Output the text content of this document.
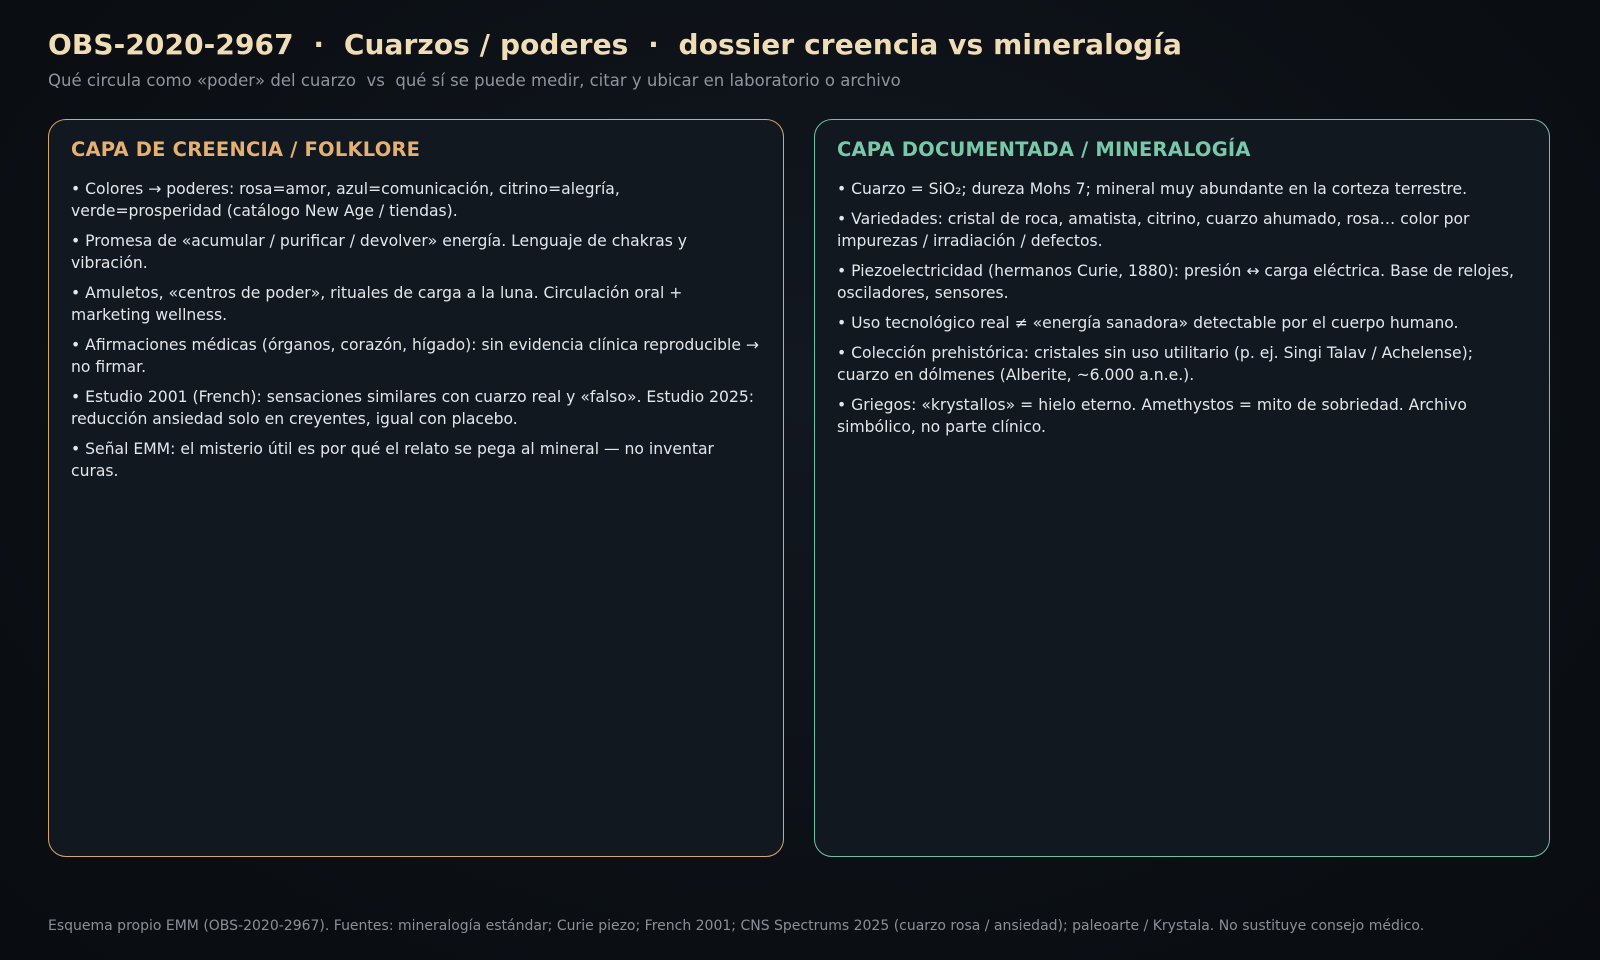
OBS-2020-2967  ·  Cuarzos / poderes  ·  dossier creencia vs mineralogía

Qué circula como «poder» del cuarzo  vs  qué sí se puede medir, citar y ubicar en laboratorio o archivo

CAPA DE CREENCIA / FOLKLORE
• Colores → poderes: rosa=amor, azul=comunicación, citrino=alegría, verde=prosperidad (catálogo New Age / tiendas).
• Promesa de «acumular / purificar / devolver» energía. Lenguaje de chakras y vibración.
• Amuletos, «centros de poder», rituales de carga a la luna. Circulación oral + marketing wellness.
• Afirmaciones médicas (órganos, corazón, hígado): sin evidencia clínica reproducible → no firmar.
• Estudio 2001 (French): sensaciones similares con cuarzo real y «falso». Estudio 2025: reducción ansiedad solo en creyentes, igual con placebo.
• Señal EMM: el misterio útil es por qué el relato se pega al mineral — no inventar curas.
CAPA DOCUMENTADA / MINERALOGÍA
• Cuarzo = SiO₂; dureza Mohs 7; mineral muy abundante en la corteza terrestre.
• Variedades: cristal de roca, amatista, citrino, cuarzo ahumado, rosa… color por impurezas / irradiación / defectos.
• Piezoelectricidad (hermanos Curie, 1880): presión ↔ carga eléctrica. Base de relojes, osciladores, sensores.
• Uso tecnológico real ≠ «energía sanadora» detectable por el cuerpo humano.
• Colección prehistórica: cristales sin uso utilitario (p. ej. Singi Talav / Achelense); cuarzo en dólmenes (Alberite, ~6.000 a.n.e.).
• Griegos: «krystallos» = hielo eterno. Amethystos = mito de sobriedad. Archivo simbólico, no parte clínico.

Esquema propio EMM (OBS-2020-2967). Fuentes: mineralogía estándar; Curie piezo; French 2001; CNS Spectrums 2025 (cuarzo rosa / ansiedad); paleoarte / Krystala. No sustituye consejo médico.
